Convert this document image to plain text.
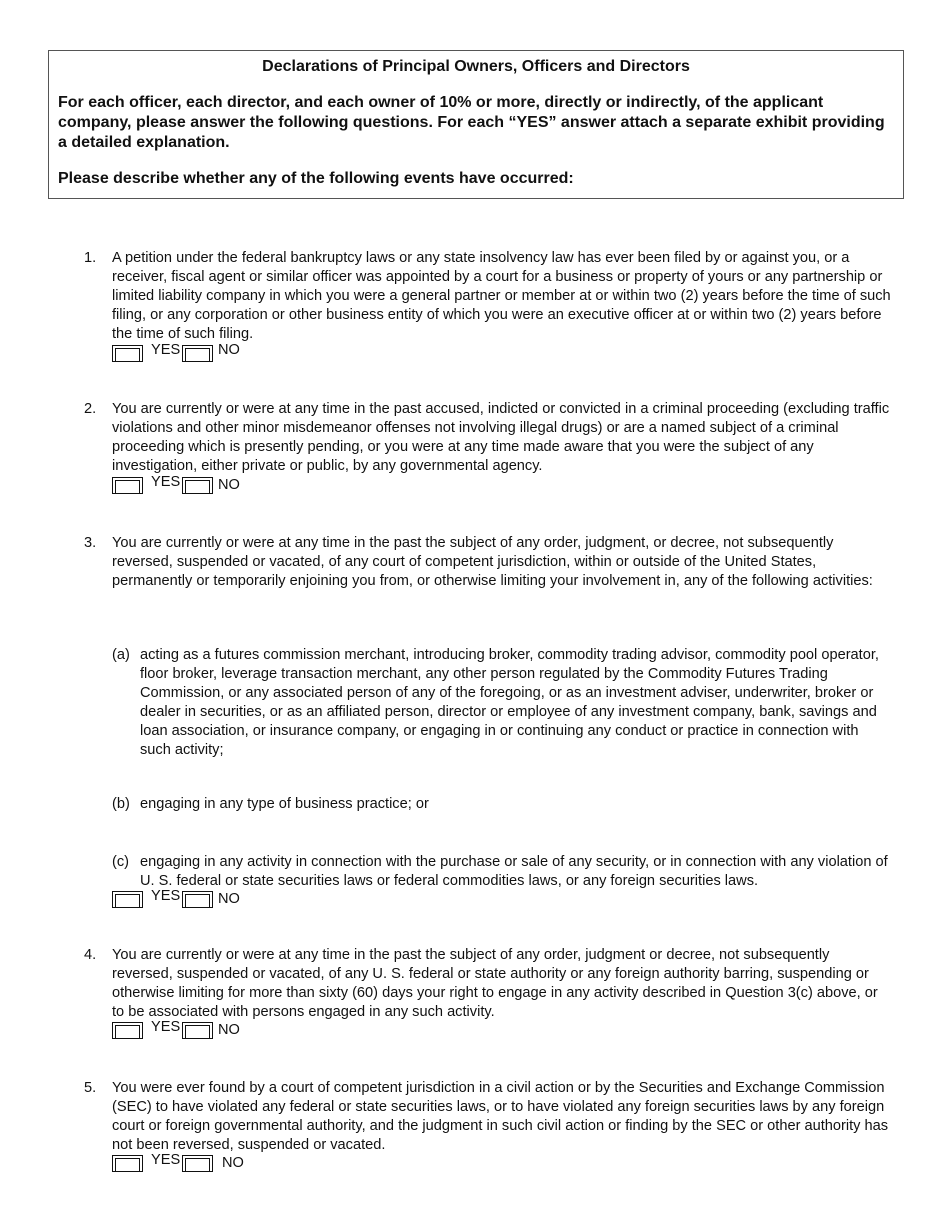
Declarations of Principal Owners, Officers and Directors
For each officer, each director, and each owner of 10% or more, directly or indirectly, of the applicant company, please answer the following questions. For each “YES” answer attach a separate exhibit providing a detailed explanation.
Please describe whether any of the following events have occurred:
1. A petition under the federal bankruptcy laws or any state insolvency law has ever been filed by or against you, or a receiver, fiscal agent or similar officer was appointed by a court for a business or property of yours or any partnership or limited liability company in which you were a general partner or member at or within two (2) years before the time of such filing, or any corporation or other business entity of which you were an executive officer at or within two (2) years before the time of such filing.
YES	NO
2. You are currently or were at any time in the past accused, indicted or convicted in a criminal proceeding (excluding traffic violations and other minor misdemeanor offenses not involving illegal drugs) or are a named subject of a criminal proceeding which is presently pending, or you were at any time made aware that you were the subject of any investigation, either private or public, by any governmental agency.
YES	NO
3. You are currently or were at any time in the past the subject of any order, judgment, or decree, not subsequently reversed, suspended or vacated, of any court of competent jurisdiction, within or outside of the United States, permanently or temporarily enjoining you from, or otherwise limiting your involvement in, any of the following activities:
(a) acting as a futures commission merchant, introducing broker, commodity trading advisor, commodity pool operator, floor broker, leverage transaction merchant, any other person regulated by the Commodity Futures Trading Commission, or any associated person of any of the foregoing, or as an investment adviser, underwriter, broker or dealer in securities, or as an affiliated person, director or employee of any investment company, bank, savings and loan association, or insurance company, or engaging in or continuing any conduct or practice in connection with such activity;
(b) engaging in any type of business practice; or
(c) engaging in any activity in connection with the purchase or sale of any security, or in connection with any violation of U. S. federal or state securities laws or federal commodities laws, or any foreign securities laws.
YES	NO
4. You are currently or were at any time in the past the subject of any order, judgment or decree, not subsequently reversed, suspended or vacated, of any U. S. federal or state authority or any foreign authority barring, suspending or otherwise limiting for more than sixty (60) days your right to engage in any activity described in Question 3(c) above, or to be associated with persons engaged in any such activity.
YES	NO
5. You were ever found by a court of competent jurisdiction in a civil action or by the Securities and Exchange Commission (SEC) to have violated any federal or state securities laws, or to have violated any foreign securities laws by any foreign court or foreign governmental authority, and the judgment in such civil action or finding by the SEC or other authority has not been reversed, suspended or vacated.
YES	NO
